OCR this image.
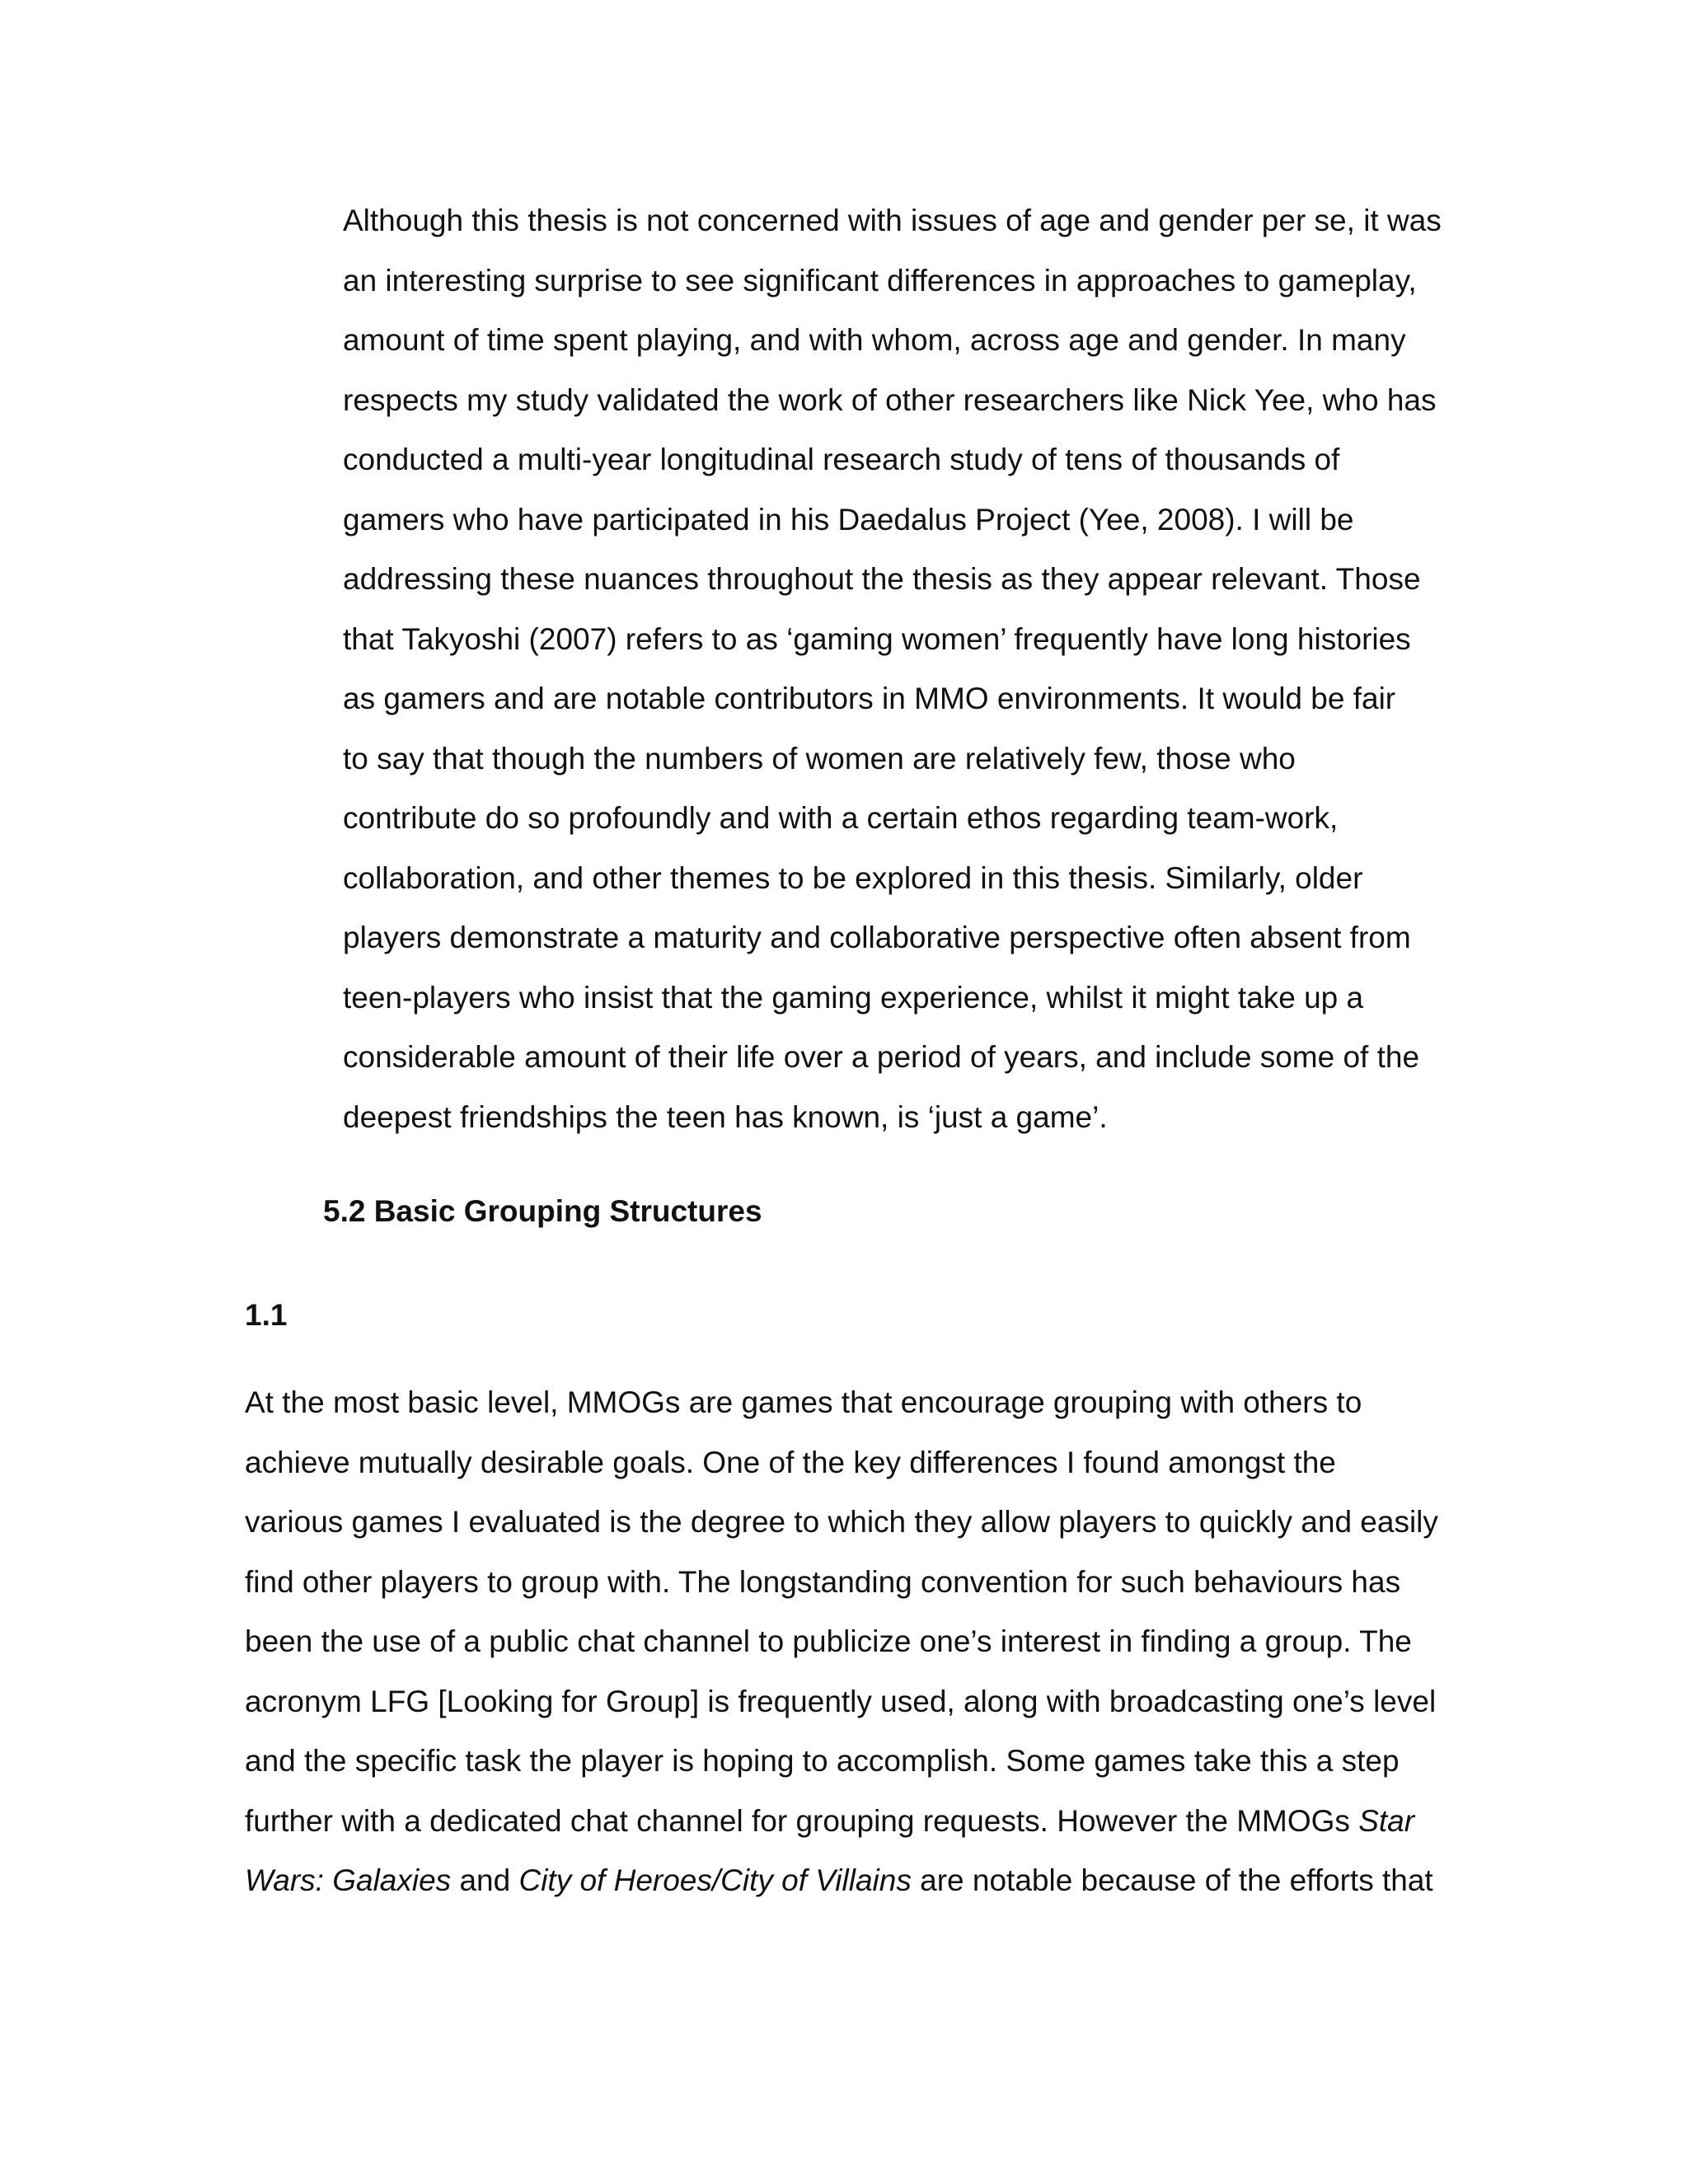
Although this thesis is not concerned with issues of age and gender per se, it was
an interesting surprise to see significant differences in approaches to gameplay,
amount of time spent playing, and with whom, across age and gender. In many
respects my study validated the work of other researchers like Nick Yee, who has
conducted a multi-year longitudinal research study of tens of thousands of
gamers who have participated in his Daedalus Project (Yee, 2008). I will be
addressing these nuances throughout the thesis as they appear relevant. Those
that Takyoshi (2007) refers to as ‘gaming women’ frequently have long histories
as gamers and are notable contributors in MMO environments. It would be fair
to say that though the numbers of women are relatively few, those who
contribute do so profoundly and with a certain ethos regarding team-work,
collaboration, and other themes to be explored in this thesis. Similarly, older
players demonstrate a maturity and collaborative perspective often absent from
teen-players who insist that the gaming experience, whilst it might take up a
considerable amount of their life over a period of years, and include some of the
deepest friendships the teen has known, is ‘just a game’.
5.2 Basic Grouping Structures
1.1
At the most basic level, MMOGs are games that encourage grouping with others to
achieve mutually desirable goals. One of the key differences I found amongst the
various games I evaluated is the degree to which they allow players to quickly and easily
find other players to group with. The longstanding convention for such behaviours has
been the use of a public chat channel to publicize one’s interest in finding a group. The
acronym LFG [Looking for Group] is frequently used, along with broadcasting one’s level
and the specific task the player is hoping to accomplish. Some games take this a step
further with a dedicated chat channel for grouping requests. However the MMOGs Star
Wars: Galaxies and City of Heroes/City of Villains are notable because of the efforts that
